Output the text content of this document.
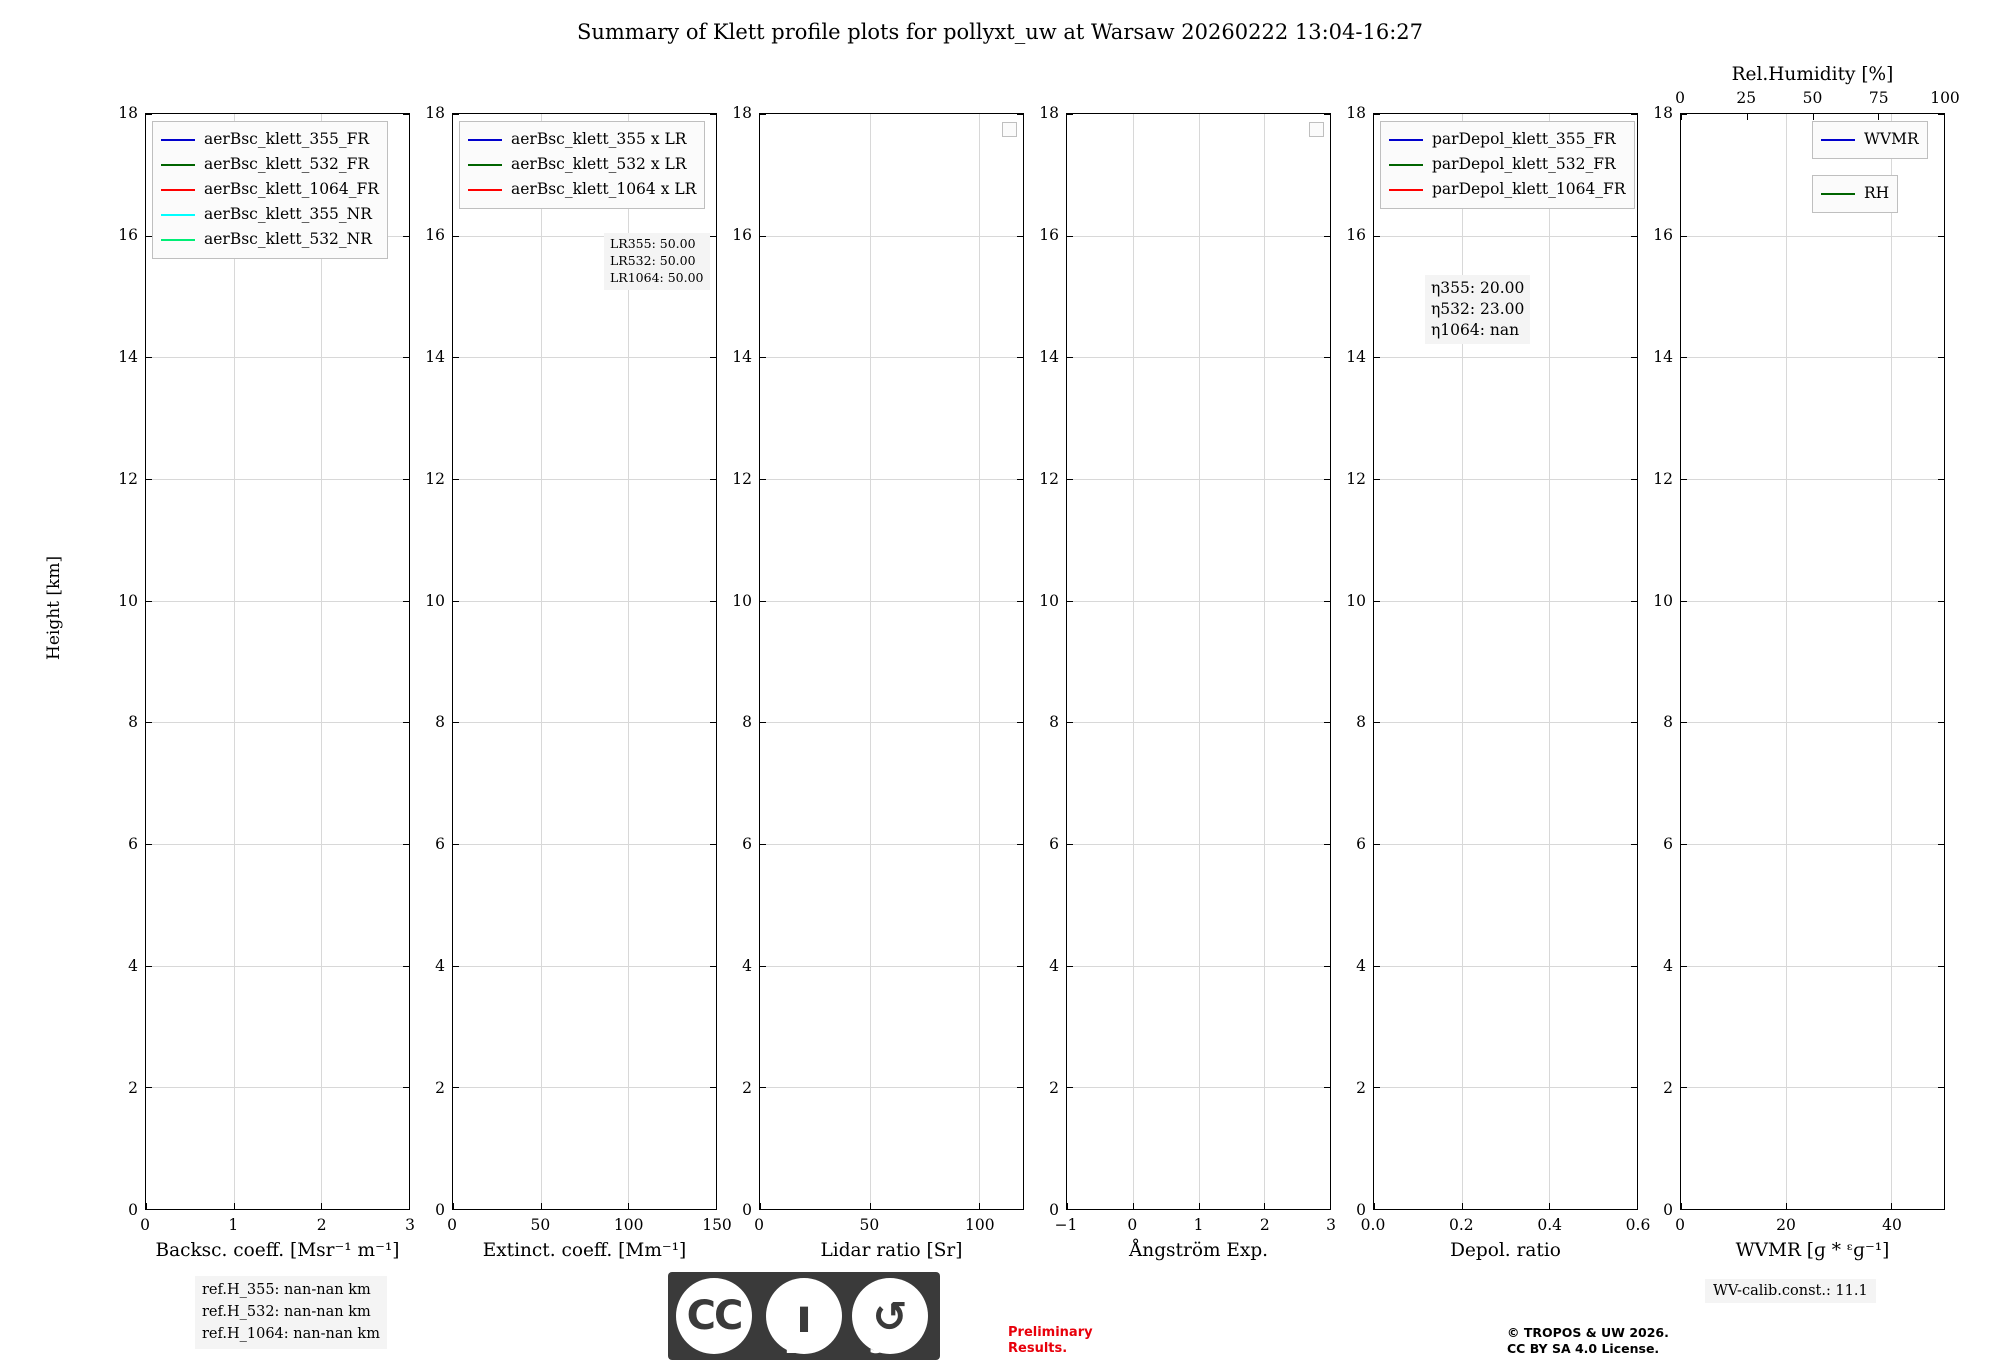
Summary of Klett profile plots for pollyxt_uw at Warsaw 20260222 13:04-16:27
Height [km]
aerBsc_klett_355_FR
aerBsc_klett_532_FR
aerBsc_klett_1064_FR
aerBsc_klett_355_NR
aerBsc_klett_532_NR
Backsc. coeff. [Msr⁻¹ m⁻¹]
0
2
4
6
8
10
12
14
16
18
0	1	2	3
aerBsc_klett_355 x LR
aerBsc_klett_532 x LR
aerBsc_klett_1064 x LR
LR355: 50.00
LR532: 50.00
LR1064: 50.00
Extinct. coeff. [Mm⁻¹]
0
2
4
6
8
10
12
14
16
18
0	50	100	150
Lidar ratio [Sr]
0
2
4
6
8
10
12
14
16
18
0	50	100
Ångström Exp.
0
2
4
6
8
10
12
14
16
18
−1	0	1	2	3
parDepol_klett_355_FR
parDepol_klett_532_FR
parDepol_klett_1064_FR
η355: 20.00
η532: 23.00
η1064: nan
Depol. ratio
0
2
4
6
8
10
12
14
16
18
0.0	0.2	0.4	0.6
WVMR
RH
WVMR [ɡ * ᵋɡ⁻¹]
Rel.Humidity [%]
0
2
4
6
8
10
12
14
16
18
0	20	40
0	25	50	75	100
ref.H_355: nan-nan km
ref.H_532: nan-nan km
ref.H_1064: nan-nan km
WV-calib.const.: 11.1
CC	ı	↺
BY	SA
Preliminary
Results.
© TROPOS & UW 2026.
CC BY SA 4.0 License.
